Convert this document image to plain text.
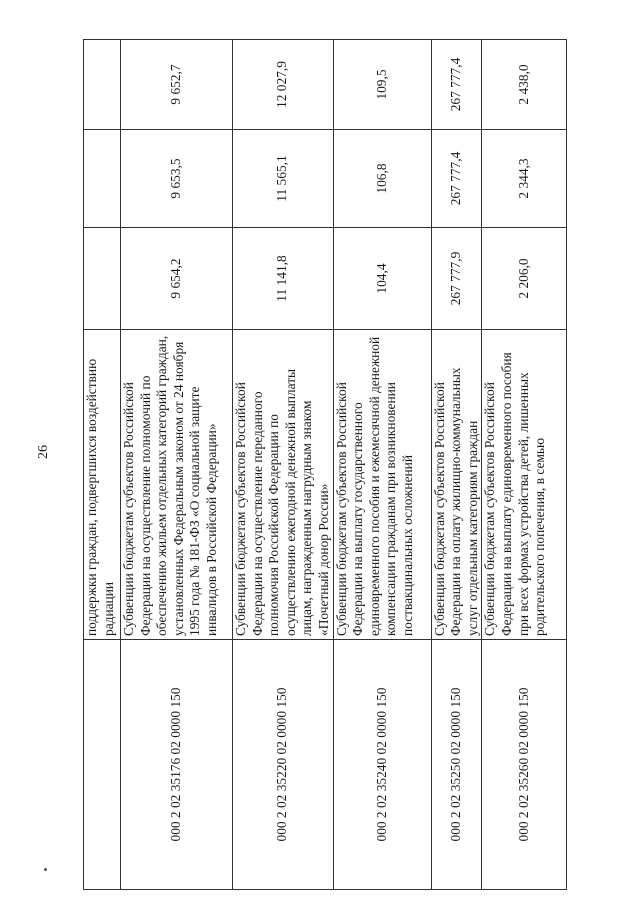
26
	поддержки граждан, подвергшихся воздействию радиации			
000 2 02 35176 02 0000 150	Субвенции бюджетам субъектов Российской Федерации на осуществление полномочий по обеспечению жильем отдельных категорий граждан, установленных Федеральным законом от 24 ноября 1995 года № 181-ФЗ «О социальной защите инвалидов в Российской Федерации»	9 654,2	9 653,5	9 652,7
000 2 02 35220 02 0000 150	Субвенции бюджетам субъектов Российской Федерации на осуществление переданного полномочия Российской Федерации по осуществлению ежегодной денежной выплаты лицам, награжденным нагрудным знаком «Почетный донор России»	11 141,8	11 565,1	12 027,9
000 2 02 35240 02 0000 150	Субвенции бюджетам субъектов Российской Федерации на выплату государственного единовременного пособия и ежемесячной денежной компенсации гражданам при возникновении поствакцинальных осложнений	104,4	106,8	109,5
000 2 02 35250 02 0000 150	Субвенции бюджетам субъектов Российской Федерации на оплату жилищно-коммунальных услуг отдельным категориям граждан	267 777,9	267 777,4	267 777,4
000 2 02 35260 02 0000 150	Субвенции бюджетам субъектов Российской Федерации на выплату единовременного пособия при всех формах устройства детей, лишенных родительского попечения, в семью	2 206,0	2 344,3	2 438,0
